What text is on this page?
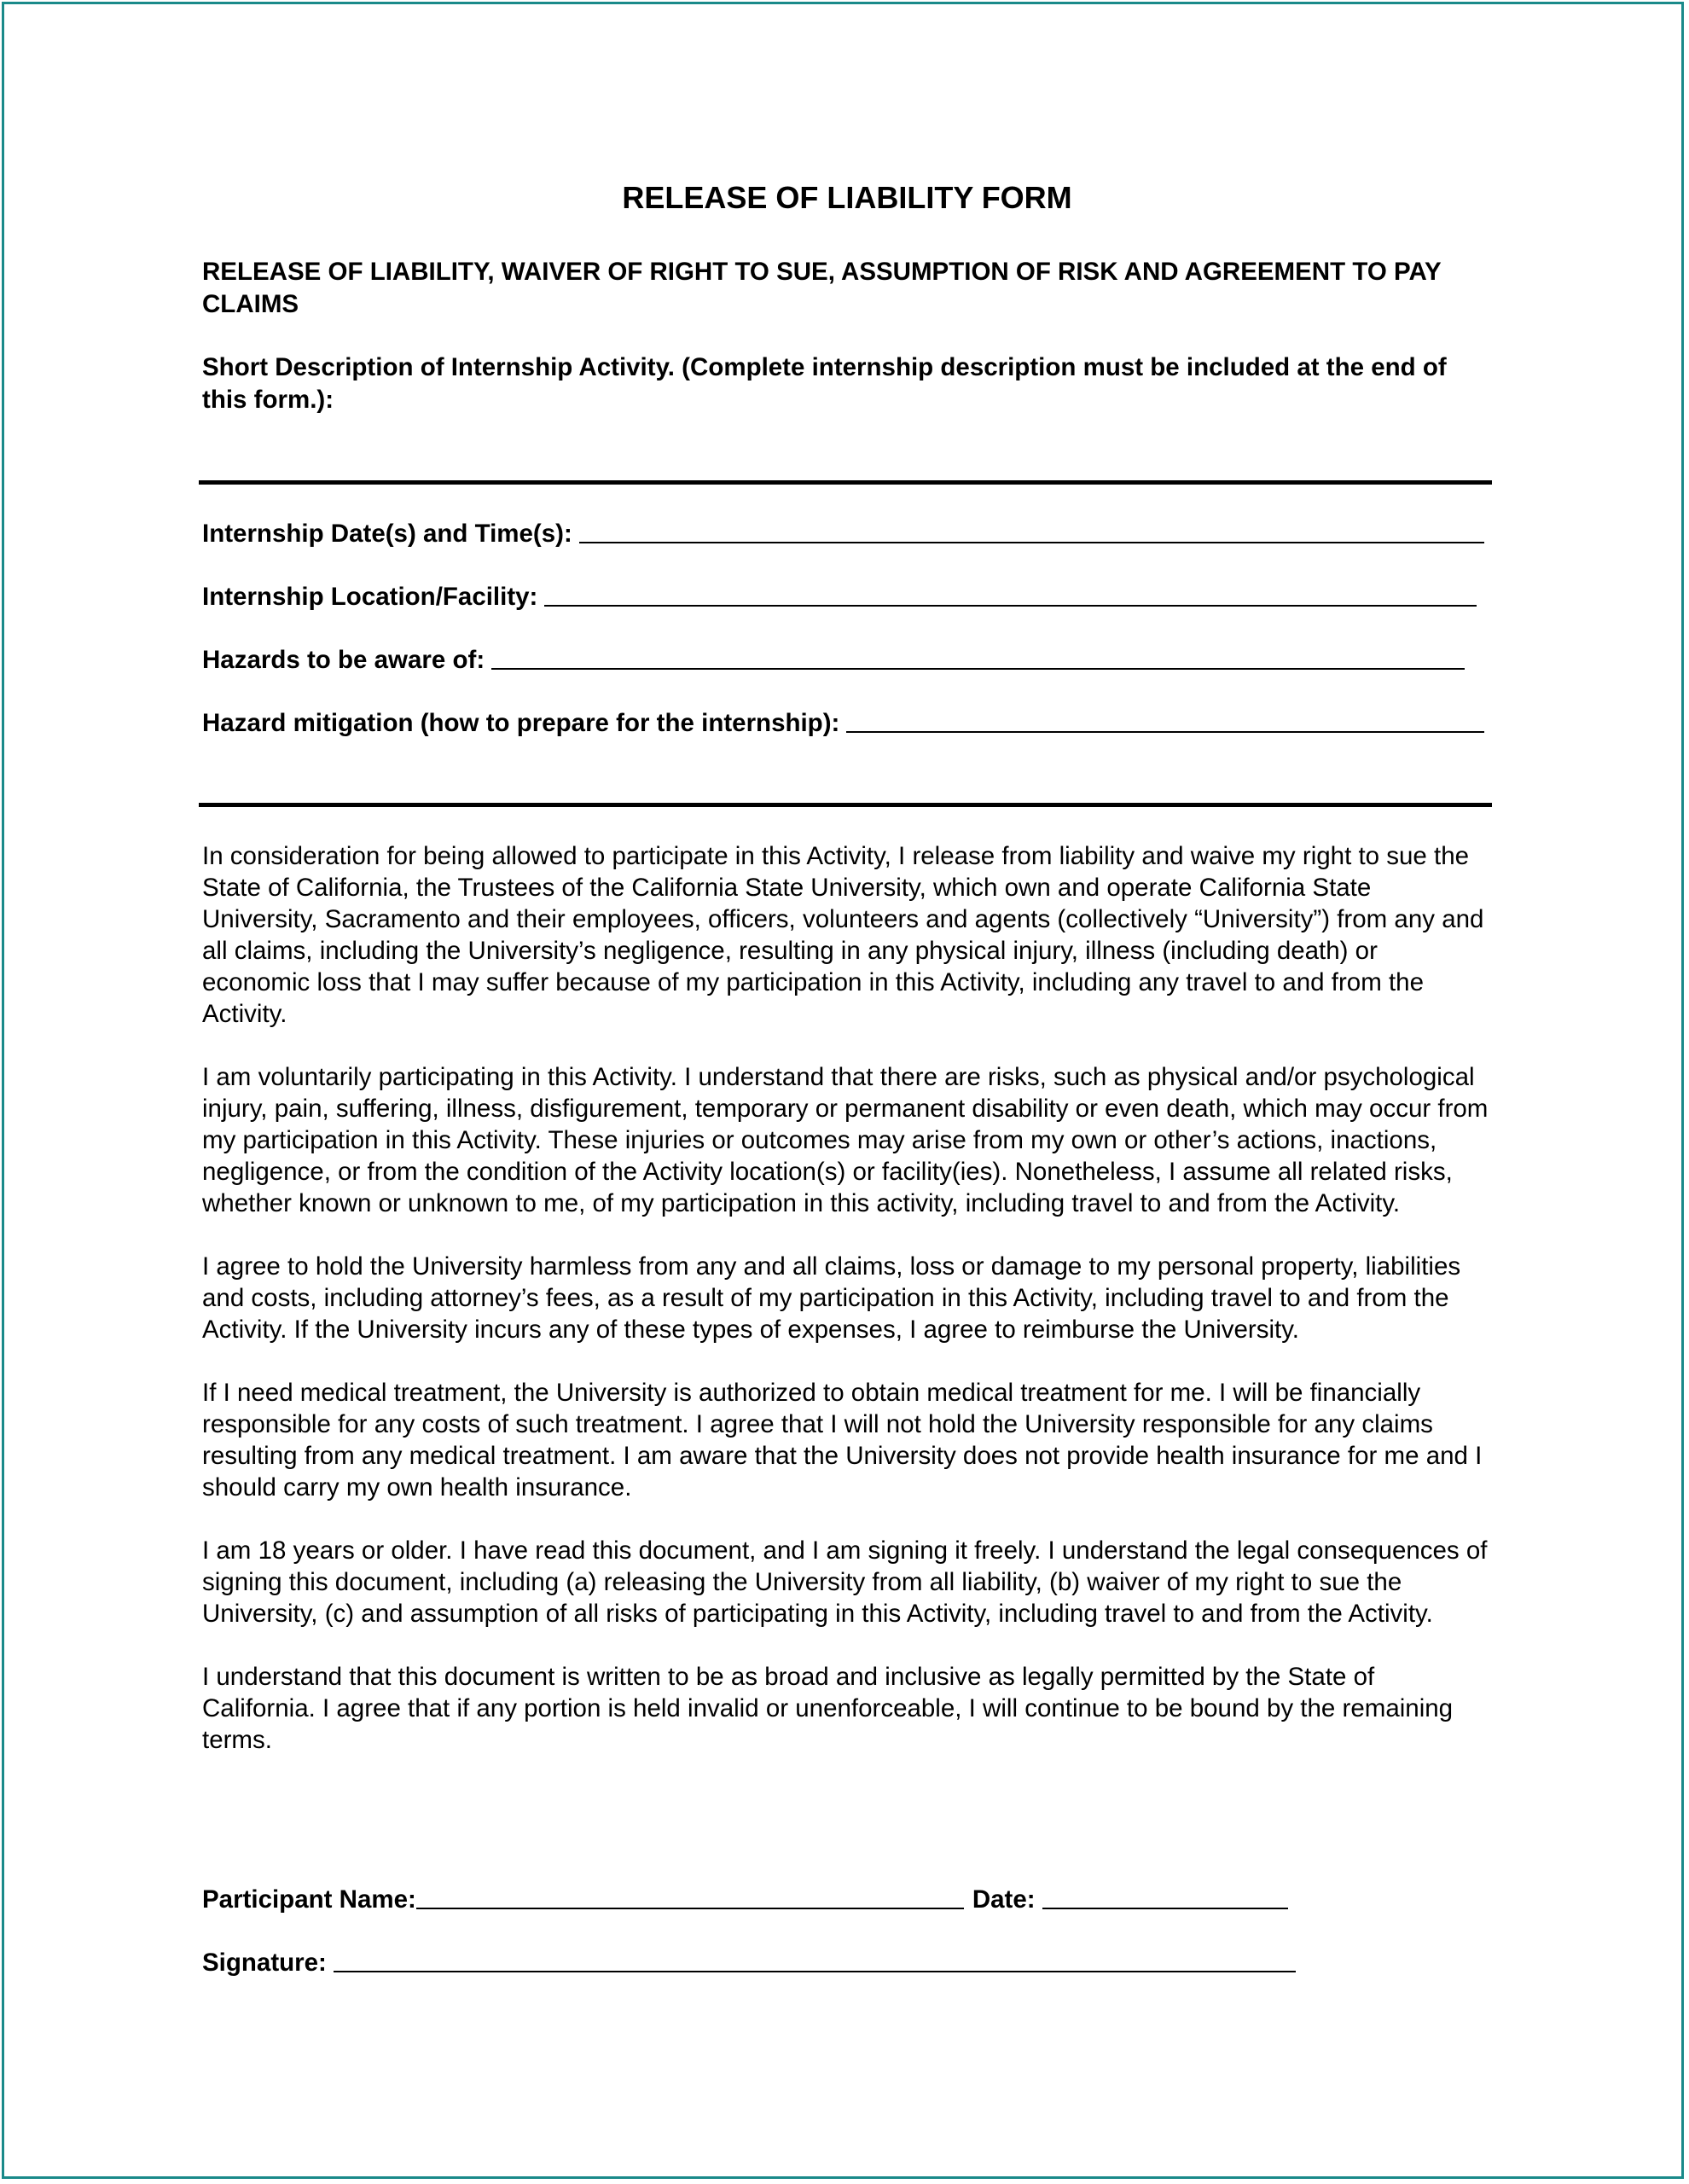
RELEASE OF LIABILITY FORM
RELEASE OF LIABILITY, WAIVER OF RIGHT TO SUE, ASSUMPTION OF RISK AND AGREEMENT TO PAY CLAIMS
Short Description of Internship Activity. (Complete internship description must be included at the end of this form.):
Internship Date(s) and Time(s):
Internship Location/Facility:
Hazards to be aware of:
Hazard mitigation (how to prepare for the internship):

In consideration for being allowed to participate in this Activity, I release from liability and waive my right to sue the State of California, the Trustees of the California State University, which own and operate California State University, Sacramento and their employees, officers, volunteers and agents (collectively “University”) from any and all claims, including the University’s negligence, resulting in any physical injury, illness (including death) or economic loss that I may suffer because of my participation in this Activity, including any travel to and from the Activity.

I am voluntarily participating in this Activity. I understand that there are risks, such as physical and/or psychological injury, pain, suffering, illness, disfigurement, temporary or permanent disability or even death, which may occur from my participation in this Activity. These injuries or outcomes may arise from my own or other’s actions, inactions, negligence, or from the condition of the Activity location(s) or facility(ies). Nonetheless, I assume all related risks, whether known or unknown to me, of my participation in this activity, including travel to and from the Activity.

I agree to hold the University harmless from any and all claims, loss or damage to my personal property, liabilities and costs, including attorney’s fees, as a result of my participation in this Activity, including travel to and from the Activity. If the University incurs any of these types of expenses, I agree to reimburse the University.

If I need medical treatment, the University is authorized to obtain medical treatment for me. I will be financially responsible for any costs of such treatment. I agree that I will not hold the University responsible for any claims resulting from any medical treatment. I am aware that the University does not provide health insurance for me and I should carry my own health insurance.

I am 18 years or older. I have read this document, and I am signing it freely. I understand the legal consequences of signing this document, including (a) releasing the University from all liability, (b) waiver of my right to sue the University, (c) and assumption of all risks of participating in this Activity, including travel to and from the Activity.

I understand that this document is written to be as broad and inclusive as legally permitted by the State of California. I agree that if any portion is held invalid or unenforceable, I will continue to be bound by the remaining terms.

Participant Name:	Date:
Signature:
